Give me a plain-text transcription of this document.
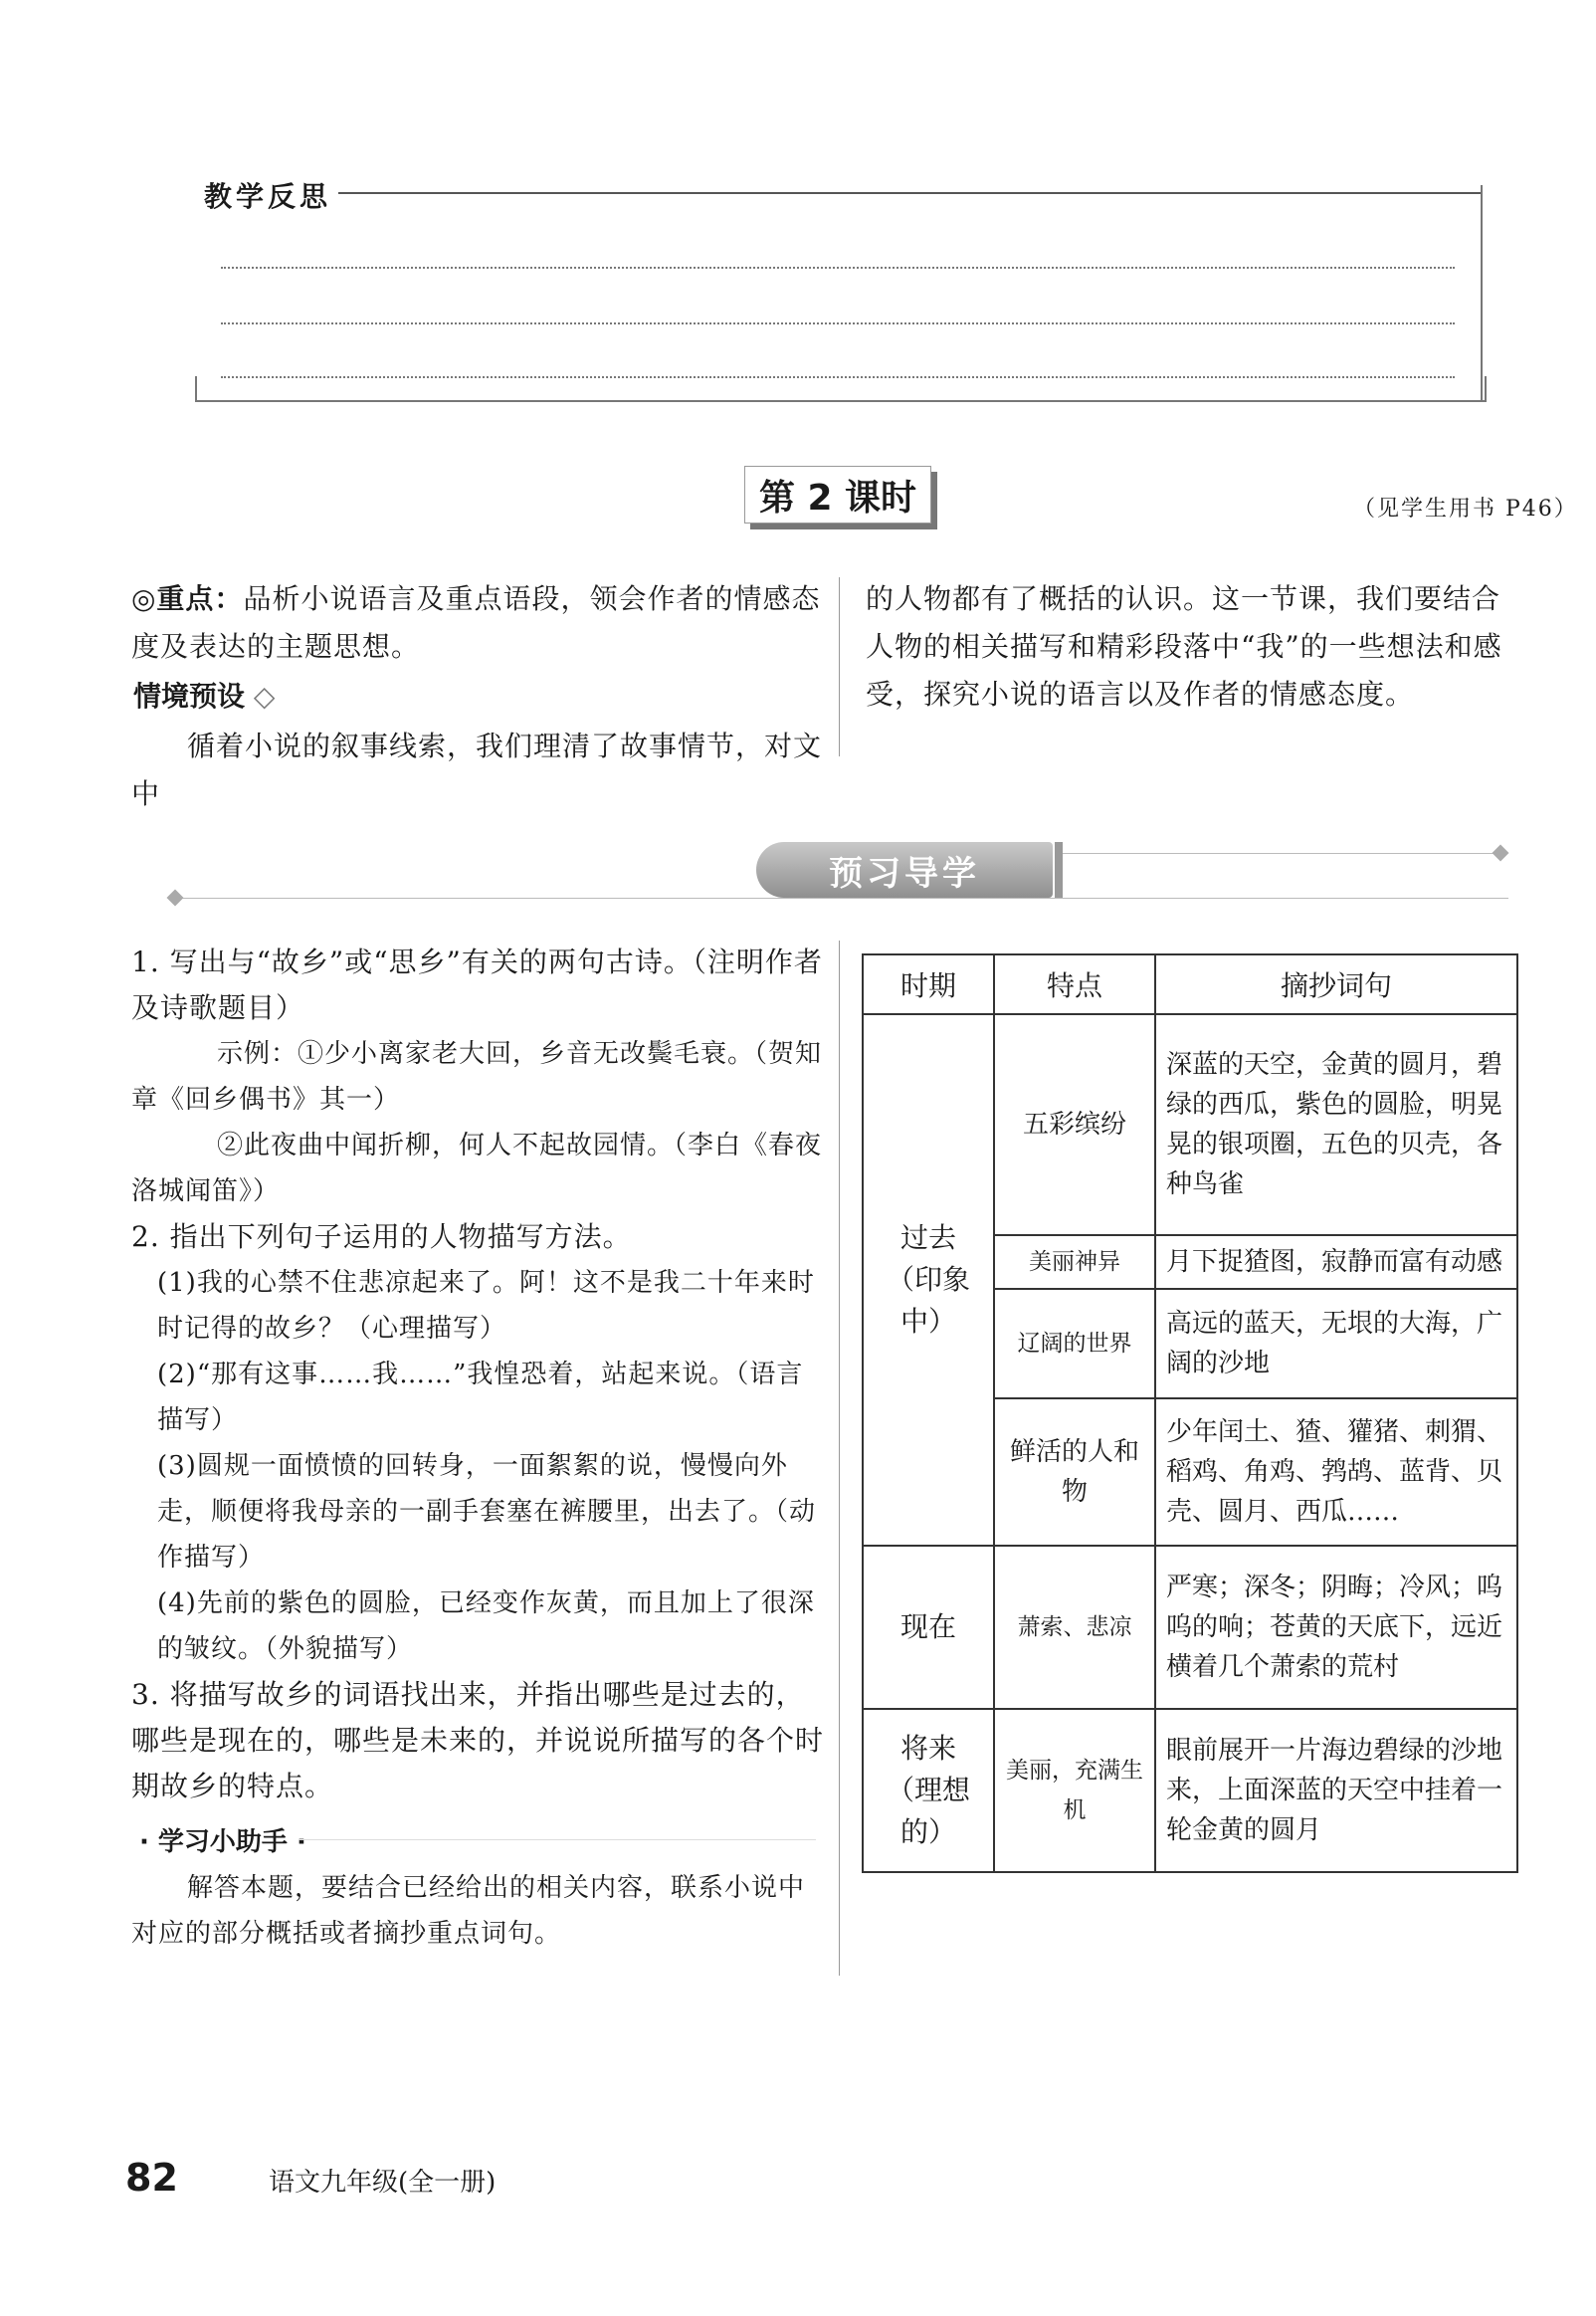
教学反思
第 2 课时	（见学生用书 P46）
◎重点：品析小说语言及重点语段，领会作者的情感态度及表达的主题思想。
情境预设 ◇
循着小说的叙事线索，我们理清了故事情节，对文中
的人物都有了概括的认识。这一节课，我们要结合人物的相关描写和精彩段落中“我”的一些想法和感受，探究小说的语言以及作者的情感态度。
预习导学
1. 写出与“故乡”或“思乡”有关的两句古诗。（注明作者及诗歌题目）
示例：①少小离家老大回，乡音无改鬓毛衰。（贺知章《回乡偶书》其一）
②此夜曲中闻折柳，何人不起故园情。（李白《春夜洛城闻笛》）
2. 指出下列句子运用的人物描写方法。
(1)我的心禁不住悲凉起来了。阿！这不是我二十年来时时记得的故乡？（心理描写）
(2)“那有这事……我……”我惶恐着，站起来说。（语言描写）
(3)圆规一面愤愤的回转身，一面絮絮的说，慢慢向外走，顺便将我母亲的一副手套塞在裤腰里，出去了。（动作描写）
(4)先前的紫色的圆脸，已经变作灰黄，而且加上了很深的皱纹。（外貌描写）
3. 将描写故乡的词语找出来，并指出哪些是过去的，哪些是现在的，哪些是未来的，并说说所描写的各个时期故乡的特点。
· 学习小助手 ·
解答本题，要结合已经给出的相关内容，联系小说中对应的部分概括或者摘抄重点词句。
时期	特点	摘抄词句
过去（印象中）	五彩缤纷	深蓝的天空，金黄的圆月，碧绿的西瓜，紫色的圆脸，明晃晃的银项圈，五色的贝壳，各种鸟雀
	美丽神异	月下捉猹图，寂静而富有动感
	辽阔的世界	高远的蓝天，无垠的大海，广阔的沙地
	鲜活的人和物	少年闰土、猹、獾猪、刺猬、稻鸡、角鸡、鹁鸪、蓝背、贝壳、圆月、西瓜……
现在	萧索、悲凉	严寒；深冬；阴晦；冷风；呜呜的响；苍黄的天底下，远近横着几个萧索的荒村
将来（理想的）	美丽，充满生机	眼前展开一片海边碧绿的沙地来，上面深蓝的天空中挂着一轮金黄的圆月
82	语文九年级(全一册)
